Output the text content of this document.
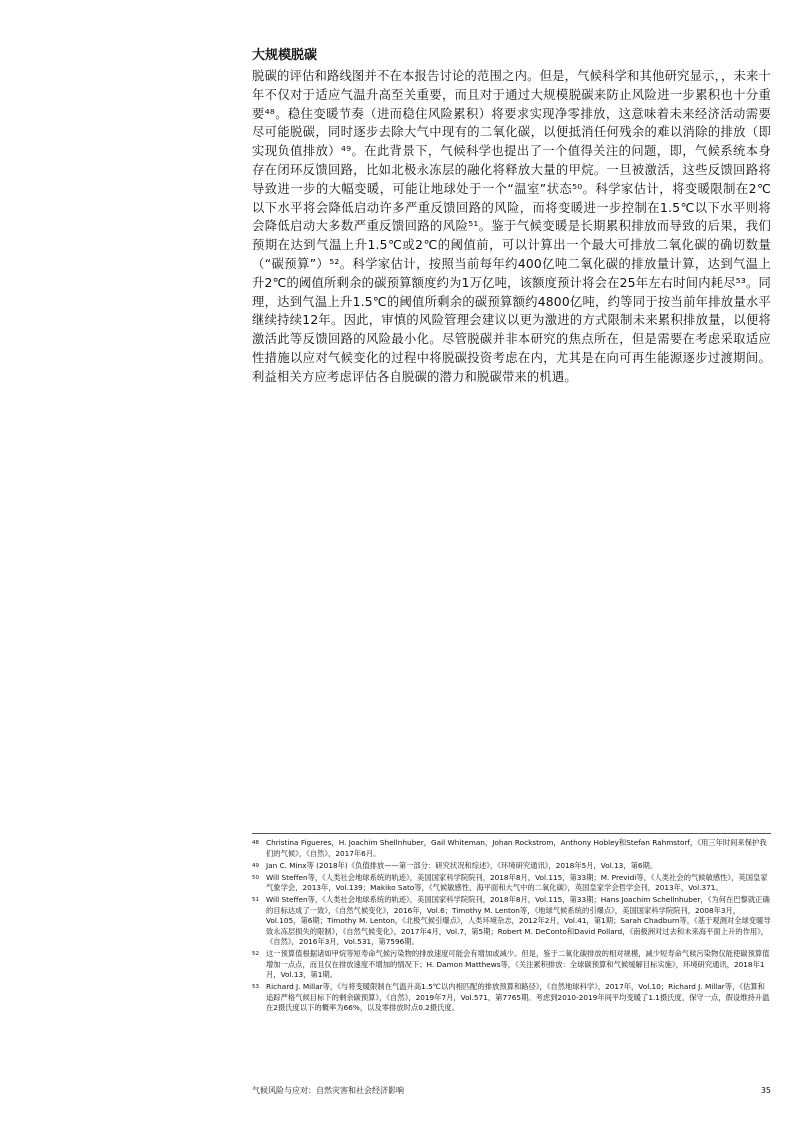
大规模脱碳

脱碳的评估和路线图并不在本报告讨论的范围之内。但是，气候科学和其他研究显示，，未来十年不仅对于适应气温升高至关重要，而且对于通过大规模脱碳来防止风险进一步累积也十分重要⁴⁸。稳住变暖节奏（进而稳住风险累积）将要求实现净零排放，这意味着未来经济活动需要尽可能脱碳，同时逐步去除大气中现有的二氧化碳，以便抵消任何残余的难以消除的排放（即实现负值排放）⁴⁹。在此背景下，气候科学也提出了一个值得关注的问题，即，气候系统本身存在闭环反馈回路，比如北极永冻层的融化将释放大量的甲烷。一旦被激活，这些反馈回路将导致进一步的大幅变暖，可能让地球处于一个“温室”状态⁵⁰。科学家估计，将变暖限制在2℃以下水平将会降低启动许多严重反馈回路的风险，而将变暖进一步控制在1.5℃以下水平则将会降低启动大多数严重反馈回路的风险⁵¹。鉴于气候变暖是长期累积排放而导致的后果，我们预期在达到气温上升1.5℃或2℃的阈值前，可以计算出一个最大可排放二氧化碳的确切数量（“碳预算”）⁵²。科学家估计，按照当前每年约400亿吨二氧化碳的排放量计算，达到气温上升2℃的阈值所剩余的碳预算额度约为1万亿吨，该额度预计将会在25年左右时间内耗尽⁵³。同理，达到气温上升1.5℃的阈值所剩余的碳预算额约4800亿吨，约等同于按当前年排放量水平继续持续12年。因此，审慎的风险管理会建议以更为激进的方式限制未来累积排放量，以便将激活此等反馈回路的风险最小化。尽管脱碳并非本研究的焦点所在，但是需要在考虑采取适应性措施以应对气候变化的过程中将脱碳投资考虑在内，尤其是在向可再生能源逐步过渡期间。利益相关方应考虑评估各自脱碳的潜力和脱碳带来的机遇。

48 Christina Figueres，H. Joachim Shellnhuber，Gail Whiteman，Johan Rockstrom，Anthony Hobley和Stefan Rahmstorf，《用三年时间来保护我们的气候》，《自然》，2017年6月。
49 Jan C. Minx等 (2018年)《负值排放——第一部分：研究状况和综述》，《环境研究通讯》，2018年5月，Vol.13，第6期。
50 Will Steffen等，《人类社会地球系统的轨迹》，美国国家科学院院刊，2018年8月，Vol.115，第33期；M. Previdi等，《人类社会的气候敏感性》，英国皇家气象学会，2013年，Vol.139；Makiko Sato等，《气候敏感性、海平面和大气中的二氧化碳》，英国皇家学会哲学会刊，2013年，Vol.371。
51 Will Steffen等，《人类社会地球系统的轨迹》，美国国家科学院院刊，2018年8月，Vol.115，第33期；Hans Joachim Schellnhuber，《为何在巴黎就正确的目标达成了一致》，《自然气候变化》，2016年，Vol.6；Timothy M. Lenton等，《地球气候系统的引爆点》，美国国家科学院院刊，2008年3月，Vol.105，第6期；Timothy M. Lenton，《北极气候引爆点》，人类环境杂志，2012年2月，Vol.41，第1期；Sarah Chadburn等，《基于观测对全球变暖导致永冻层损失的限制》，《自然气候变化》，2017年4月，Vol.7，第5期；Robert M. DeConto和David Pollard，《南极洲对过去和未来海平面上升的作用》，《自然》，2016年3月，Vol.531，第7596期。
52 这一预算值根据诸如甲烷等短寿命气候污染物的排放速度可能会有增加或减少。但是，鉴于二氧化碳排放的相对规模，减少短寿命气候污染物仅能使碳预算值增加一点点，而且仅在排放速度不增加的情况下；H. Damon Matthews等，《关注累积排放：全球碳预算和气候缓解目标实施》，环境研究通讯，2018年1月，Vol.13，第1期。
53 Richard J. Millar等，《与将变暖限制在气温升高1.5℃以内相匹配的排放预算和路径》，《自然地球科学》，2017年，Vol.10；Richard J. Millar等，《估算和追踪严格气候目标下的剩余碳预算》，《自然》，2019年7月，Vol.571，第7765期。考虑到2010-2019年间平均变暖了1.1摄氏度，保守一点，假设维持升温在2摄氏度以下的概率为66%，以及零排放时点0.2摄氏度。
气候风险与应对：自然灾害和社会经济影响	35
